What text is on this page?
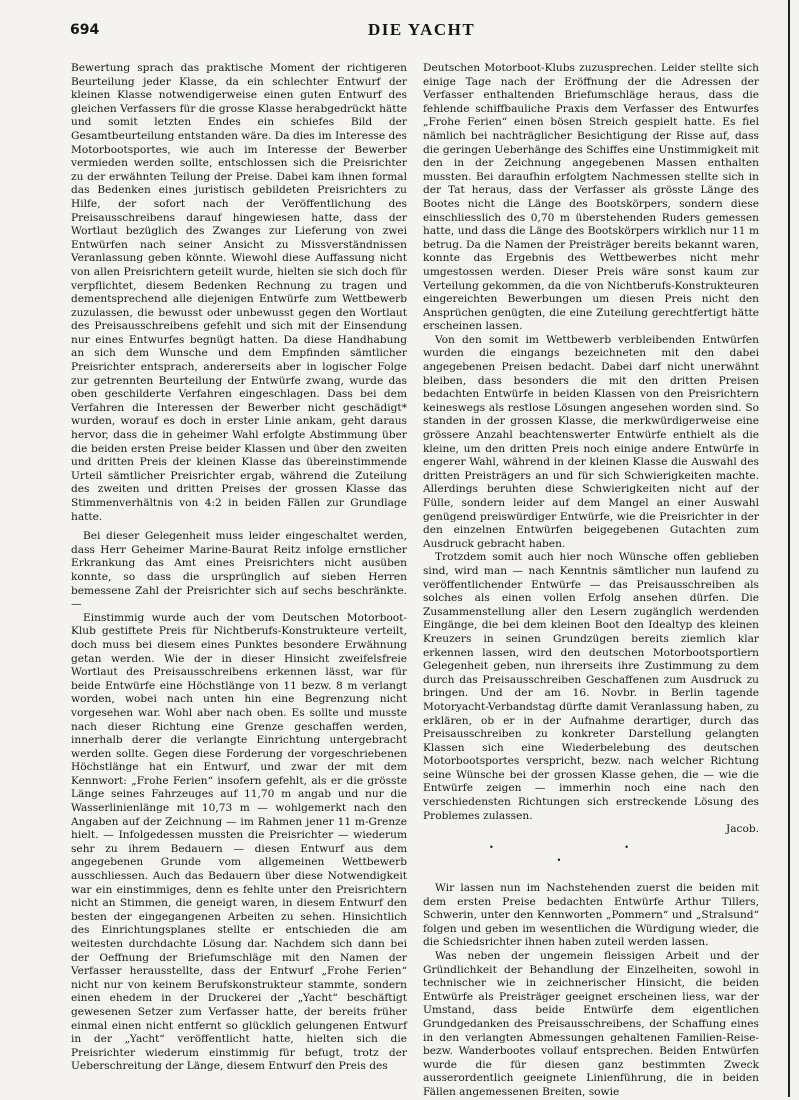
694	DIE YACHT

Bewertung sprach das praktische Moment der richtigeren Beurteilung jeder Klasse, da ein schlechter Entwurf der kleinen Klasse notwendigerweise einen guten Entwurf des gleichen Verfassers für die grosse Klasse herabgedrückt hätte und somit letzten Endes ein schiefes Bild der Gesamtbeurteilung entstanden wäre. Da dies im Interesse des Motorbootsportes, wie auch im Interesse der Bewerber vermieden werden sollte, entschlossen sich die Preisrichter zu der erwähnten Teilung der Preise. Dabei kam ihnen formal das Bedenken eines juristisch gebildeten Preisrichters zu Hilfe, der sofort nach der Veröffentlichung des Preisausschreibens darauf hingewiesen hatte, dass der Wortlaut bezüglich des Zwanges zur Lieferung von zwei Entwürfen nach seiner Ansicht zu Missverständnissen Veranlassung geben könnte. Wiewohl diese Auffassung nicht von allen Preisrichtern geteilt wurde, hielten sie sich doch für verpflichtet, diesem Bedenken Rechnung zu tragen und dementsprechend alle diejenigen Entwürfe zum Wettbewerb zuzulassen, die bewusst oder unbewusst gegen den Wortlaut des Preisausschreibens gefehlt und sich mit der Einsendung nur eines Entwurfes begnügt hatten. Da diese Handhabung an sich dem Wunsche und dem Empfinden sämtlicher Preisrichter entsprach, andererseits aber in logischer Folge zur getrennten Beurteilung der Entwürfe zwang, wurde das oben geschilderte Verfahren eingeschlagen. Dass bei dem Verfahren die Interessen der Bewerber nicht geschädigt* wurden, worauf es doch in erster Linie ankam, geht daraus hervor, dass die in geheimer Wahl erfolgte Abstimmung über die beiden ersten Preise beider Klassen und über den zweiten und dritten Preis der kleinen Klasse das übereinstimmende Urteil sämtlicher Preisrichter ergab, während die Zuteilung des zweiten und dritten Preises der grossen Klasse das Stimmenverhältnis von 4:2 in beiden Fällen zur Grundlage hatte.

Bei dieser Gelegenheit muss leider eingeschaltet werden, dass Herr Geheimer Marine-Baurat Reitz infolge ernstlicher Erkrankung das Amt eines Preisrichters nicht ausüben konnte, so dass die ursprünglich auf sieben Herren bemessene Zahl der Preisrichter sich auf sechs beschränkte. —

Einstimmig wurde auch der vom Deutschen Motorboot-Klub gestiftete Preis für Nichtberufs-Konstrukteure verteilt, doch muss bei diesem eines Punktes besondere Erwähnung getan werden. Wie der in dieser Hinsicht zweifelsfreie Wortlaut des Preisausschreibens erkennen lässt, war für beide Entwürfe eine Höchstlänge von 11 bezw. 8 m verlangt worden, wobei nach unten hin eine Begrenzung nicht vorgesehen war. Wohl aber nach oben. Es sollte und musste nach dieser Richtung eine Grenze geschaffen werden, innerhalb derer die verlangte Einrichtung untergebracht werden sollte. Gegen diese Forderung der vorgeschriebenen Höchstlänge hat ein Entwurf, und zwar der mit dem Kennwort: „Frohe Ferien“ insofern gefehlt, als er die grösste Länge seines Fahrzeuges auf 11,70 m angab und nur die Wasserlinienlänge mit 10,73 m — wohlgemerkt nach den Angaben auf der Zeichnung — im Rahmen jener 11 m-Grenze hielt. — Infolgedessen mussten die Preisrichter — wiederum sehr zu ihrem Bedauern — diesen Entwurf aus dem angegebenen Grunde vom allgemeinen Wettbewerb ausschliessen. Auch das Bedauern über diese Notwendigkeit war ein einstimmiges, denn es fehlte unter den Preisrichtern nicht an Stimmen, die geneigt waren, in diesem Entwurf den besten der eingegangenen Arbeiten zu sehen. Hinsichtlich des Einrichtungsplanes stellte er entschieden die am weitesten durchdachte Lösung dar. Nachdem sich dann bei der Oeffnung der Briefumschläge mit den Namen der Verfasser herausstellte, dass der Entwurf „Frohe Ferien“ nicht nur von keinem Berufskonstrukteur stammte, sondern einen ehedem in der Druckerei der „Yacht“ beschäftigt gewesenen Setzer zum Verfasser hatte, der bereits früher einmal einen nicht entfernt so glücklich gelungenen Entwurf in der „Yacht“ veröffentlicht hatte, hielten sich die Preisrichter wiederum einstimmig für befugt, trotz der Ueberschreitung der Länge, diesem Entwurf den Preis des

Deutschen Motorboot-Klubs zuzusprechen. Leider stellte sich einige Tage nach der Eröffnung der die Adressen der Verfasser enthaltenden Briefumschläge heraus, dass die fehlende schiffbauliche Praxis dem Verfasser des Entwurfes „Frohe Ferien“ einen bösen Streich gespielt hatte. Es fiel nämlich bei nachträglicher Besichtigung der Risse auf, dass die geringen Ueberhänge des Schiffes eine Unstimmigkeit mit den in der Zeichnung angegebenen Massen enthalten mussten. Bei daraufhin erfolgtem Nachmessen stellte sich in der Tat heraus, dass der Verfasser als grösste Länge des Bootes nicht die Länge des Bootskörpers, sondern diese einschliesslich des 0,70 m überstehenden Ruders gemessen hatte, und dass die Länge des Bootskörpers wirklich nur 11 m betrug. Da die Namen der Preisträger bereits bekannt waren, konnte das Ergebnis des Wettbewerbes nicht mehr umgestossen werden. Dieser Preis wäre sonst kaum zur Verteilung gekommen, da die von Nichtberufs-Konstrukteuren eingereichten Bewerbungen um diesen Preis nicht den Ansprüchen genügten, die eine Zuteilung gerechtfertigt hätte erscheinen lassen.

Von den somit im Wettbewerb verbleibenden Entwürfen wurden die eingangs bezeichneten mit den dabei angegebenen Preisen bedacht. Dabei darf nicht unerwähnt bleiben, dass besonders die mit den dritten Preisen bedachten Entwürfe in beiden Klassen von den Preisrichtern keineswegs als restlose Lösungen angesehen worden sind. So standen in der grossen Klasse, die merkwürdigerweise eine grössere Anzahl beachtenswerter Entwürfe enthielt als die kleine, um den dritten Preis noch einige andere Entwürfe in engerer Wahl, während in der kleinen Klasse die Auswahl des dritten Preisträgers an und für sich Schwierigkeiten machte. Allerdings beruhten diese Schwierigkeiten nicht auf der Fülle, sondern leider auf dem Mangel an einer Auswahl genügend preiswürdiger Entwürfe, wie die Preisrichter in der den einzelnen Entwürfen beigegebenen Gutachten zum Ausdruck gebracht haben.

Trotzdem somit auch hier noch Wünsche offen geblieben sind, wird man — nach Kenntnis sämtlicher nun laufend zu veröffentlichender Entwürfe — das Preisausschreiben als solches als einen vollen Erfolg ansehen dürfen. Die Zusammenstellung aller den Lesern zugänglich werdenden Eingänge, die bei dem kleinen Boot den Idealtyp des kleinen Kreuzers in seinen Grundzügen bereits ziemlich klar erkennen lassen, wird den deutschen Motorbootsportlern Gelegenheit geben, nun ihrerseits ihre Zustimmung zu dem durch das Preisausschreiben Geschaffenen zum Ausdruck zu bringen. Und der am 16. Novbr. in Berlin tagende Motoryacht-Verbandstag dürfte damit Veranlassung haben, zu erklären, ob er in der Aufnahme derartiger, durch das Preisausschreiben zu konkreter Darstellung gelangten Klassen sich eine Wiederbelebung des deutschen Motorbootsportes verspricht, bezw. nach welcher Richtung seine Wünsche bei der grossen Klasse gehen, die — wie die Entwürfe zeigen — immerhin noch eine nach den verschiedensten Richtungen sich erstreckende Lösung des Problemes zulassen.

Jacob.
• • •

Wir lassen nun im Nachstehenden zuerst die beiden mit dem ersten Preise bedachten Entwürfe Arthur Tillers, Schwerin, unter den Kennworten „Pommern“ und „Stralsund“ folgen und geben im wesentlichen die Würdigung wieder, die die Schiedsrichter ihnen haben zuteil werden lassen.

Was neben der ungemein fleissigen Arbeit und der Gründlichkeit der Behandlung der Einzelheiten, sowohl in technischer wie in zeichnerischer Hinsicht, die beiden Entwürfe als Preisträger geeignet erscheinen liess, war der Umstand, dass beide Entwürfe dem eigentlichen Grundgedanken des Preisausschreibens, der Schaffung eines in den verlangten Abmessungen gehaltenen Familien-Reise- bezw. Wanderbootes vollauf entsprechen. Beiden Entwürfen wurde die für diesen ganz bestimmten Zweck ausserordentlich geeignete Linienführung, die in beiden Fällen angemessenen Breiten, sowie
